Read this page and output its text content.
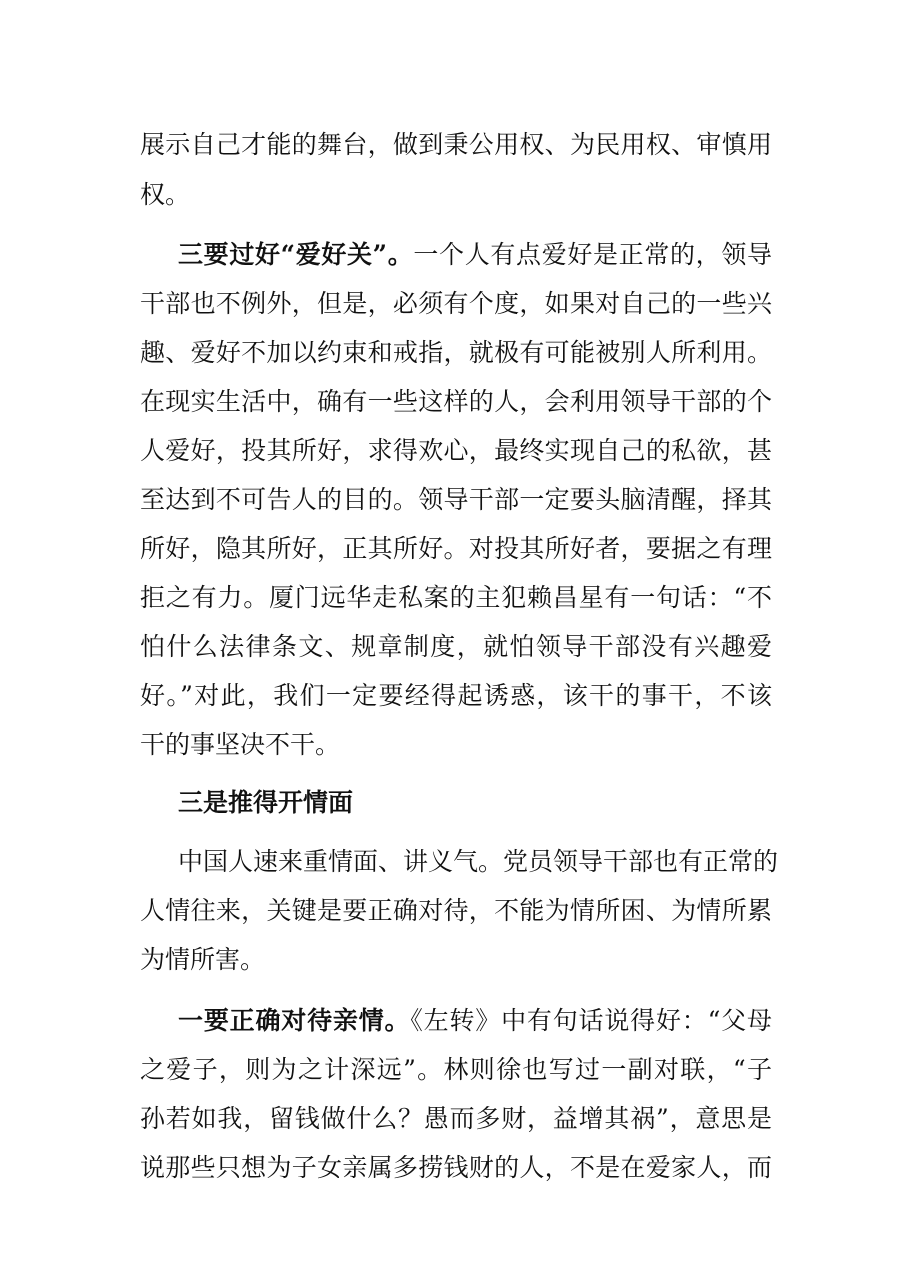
展示自己才能的舞台，做到秉公用权、为民用权、审慎用
权。
三要过好“爱好关”。一个人有点爱好是正常的，领导
干部也不例外，但是，必须有个度，如果对自己的一些兴
趣、爱好不加以约束和戒指，就极有可能被别人所利用。
在现实生活中，确有一些这样的人，会利用领导干部的个
人爱好，投其所好，求得欢心，最终实现自己的私欲，甚
至达到不可告人的目的。领导干部一定要头脑清醒，择其
所好，隐其所好，正其所好。对投其所好者，要据之有理
拒之有力。厦门远华走私案的主犯赖昌星有一句话：“不
怕什么法律条文、规章制度，就怕领导干部没有兴趣爱
好。”对此，我们一定要经得起诱惑，该干的事干，不该
干的事坚决不干。
三是推得开情面
中国人速来重情面、讲义气。党员领导干部也有正常的
人情往来，关键是要正确对待，不能为情所困、为情所累
为情所害。
一要正确对待亲情。《左转》中有句话说得好：“父母
之爱子，则为之计深远”。林则徐也写过一副对联，“子
孙若如我，留钱做什么？愚而多财，益增其祸”，意思是
说那些只想为子女亲属多捞钱财的人，不是在爱家人，而
